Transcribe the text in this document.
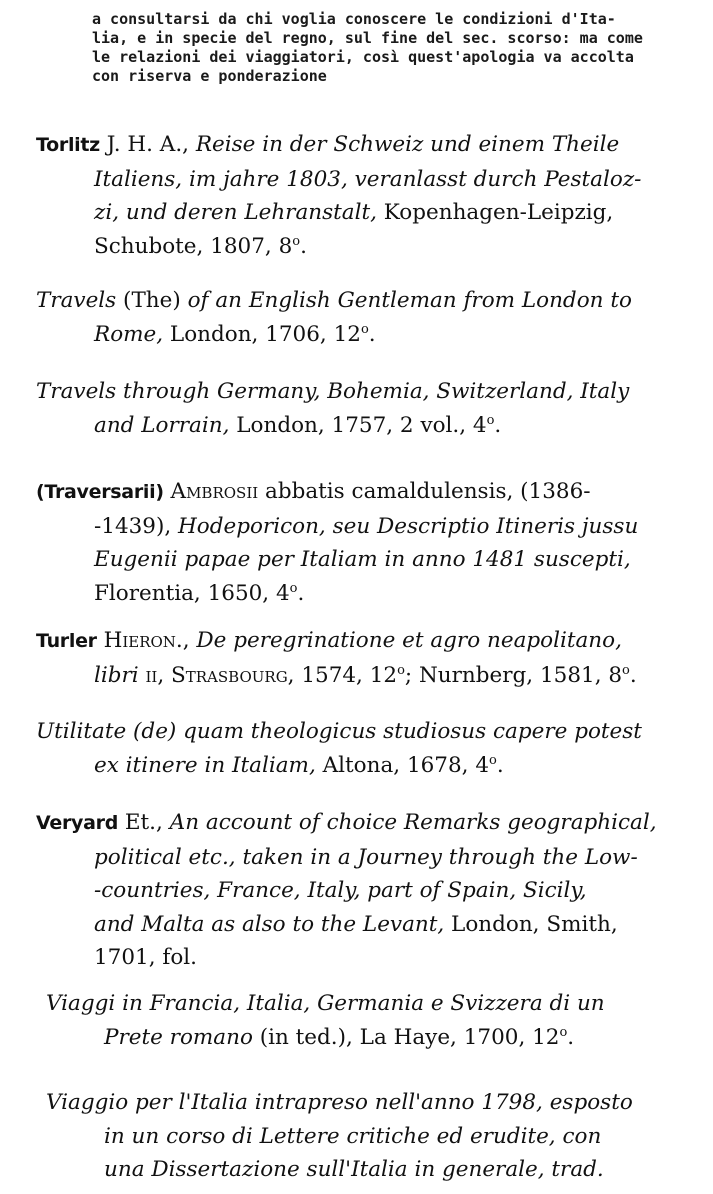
a consultarsi da chi voglia conoscere le condizioni d'Ita-
lia, e in specie del regno, sul fine del sec. scorso: ma come
le relazioni dei viaggiatori, così quest'apologia va accolta
con riserva e ponderazione
Torlitz J. H. A., Reise in der Schweiz und einem Theile
Italiens, im jahre 1803, veranlasst durch Pestaloz-
zi, und deren Lehranstalt, Kopenhagen-Leipzig,
Schubote, 1807, 8$^o$.
Travels (The) of an English Gentleman from London to
Rome, London, 1706, 12$^o$.
Travels through Germany, Bohemia, Switzerland, Italy
and Lorrain, London, 1757, 2 vol., 4$^o$.
(Traversarii) Ambrosii abbatis camaldulensis, (1386-
-1439), Hodeporicon, seu Descriptio Itineris jussu
Eugenii papae per Italiam in anno 1481 suscepti,
Florentia, 1650, 4$^o$.
Turler Hieron., De peregrinatione et agro neapolitano,
libri ii, Strasbourg, 1574, 12$^o$; Nurnberg, 1581, 8$^o$.
Utilitate (de) quam theologicus studiosus capere potest
ex itinere in Italiam, Altona, 1678, 4$^o$.
Veryard Et., An account of choice Remarks geographical,
political etc., taken in a Journey through the Low-
-countries, France, Italy, part of Spain, Sicily,
and Malta as also to the Levant, London, Smith,
1701, fol.
Viaggi in Francia, Italia, Germania e Svizzera di un
Prete romano (in ted.), La Haye, 1700, 12$^o$.
Viaggio per l'Italia intrapreso nell'anno 1798, esposto
in un corso di Lettere critiche ed erudite, con
una Dissertazione sull'Italia in generale, trad.
